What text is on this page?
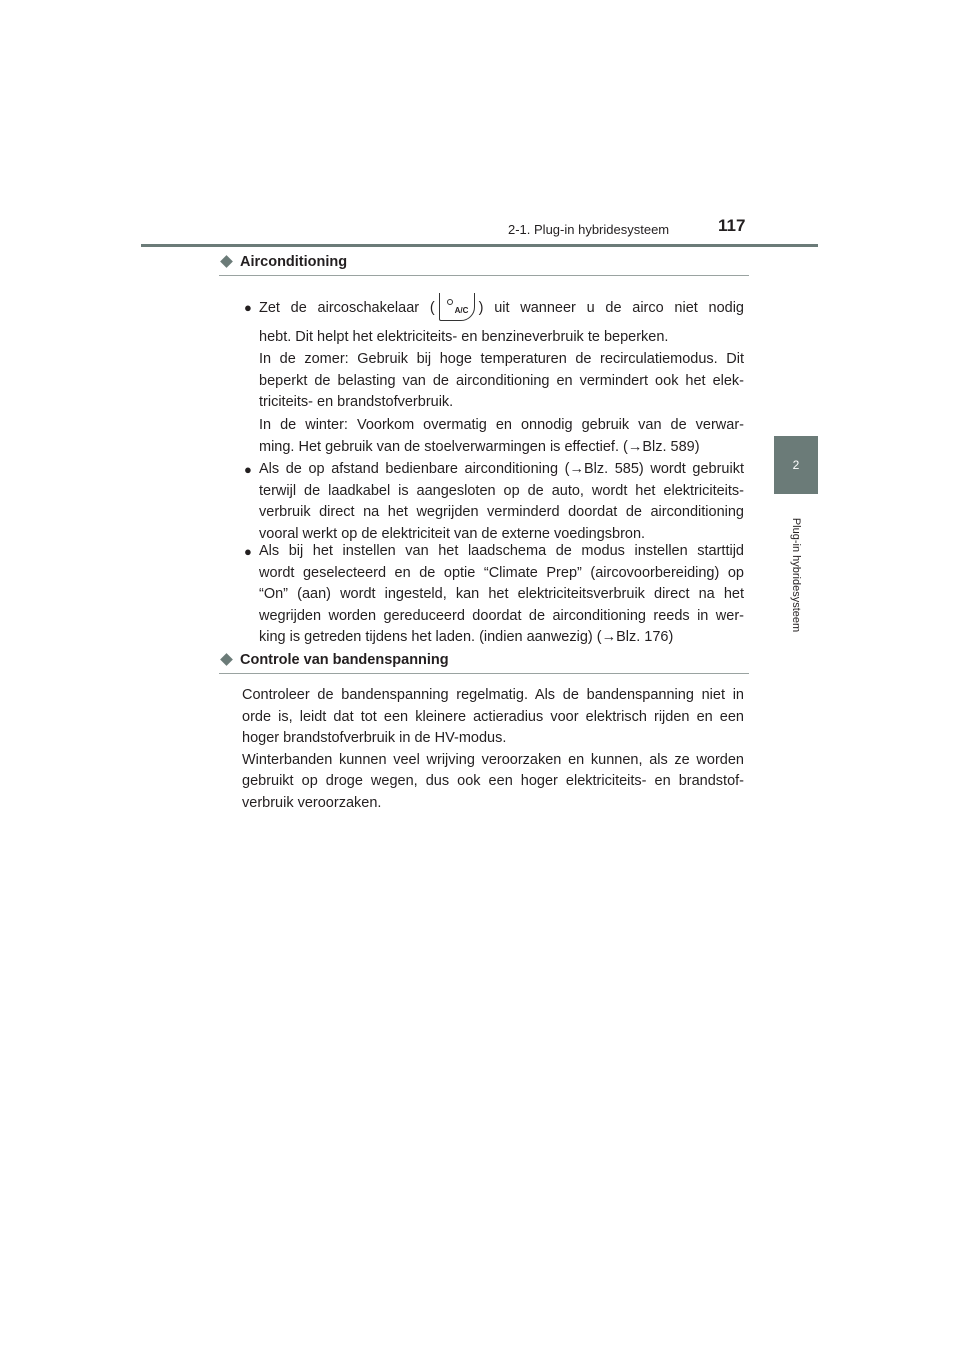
2-1. Plug-in hybridesysteem	117
2
Plug-in hybridesysteem
Airconditioning
● Zet de aircoschakelaar (	A/C ) uit wanneer u de airco niet nodig
hebt. Dit helpt het elektriciteits- en benzineverbruik te beperken.
In de zomer: Gebruik bij hoge temperaturen de recirculatiemodus. Dit
beperkt de belasting van de airconditioning en vermindert ook het elek-
triciteits- en brandstofverbruik.
In de winter: Voorkom overmatig en onnodig gebruik van de verwar-
ming. Het gebruik van de stoelverwarmingen is effectief. (→Blz. 589)
● Als de op afstand bedienbare airconditioning (→Blz. 585) wordt gebruikt
terwijl de laadkabel is aangesloten op de auto, wordt het elektriciteits-
verbruik direct na het wegrijden verminderd doordat de airconditioning
vooral werkt op de elektriciteit van de externe voedingsbron.
● Als bij het instellen van het laadschema de modus instellen starttijd
wordt geselecteerd en de optie “Climate Prep” (aircovoorbereiding) op
“On” (aan) wordt ingesteld, kan het elektriciteitsverbruik direct na het
wegrijden worden gereduceerd doordat de airconditioning reeds in wer-
king is getreden tijdens het laden. (indien aanwezig) (→Blz. 176)
Controle van bandenspanning
Controleer de bandenspanning regelmatig. Als de bandenspanning niet in
orde is, leidt dat tot een kleinere actieradius voor elektrisch rijden en een
hoger brandstofverbruik in de HV-modus.
Winterbanden kunnen veel wrijving veroorzaken en kunnen, als ze worden
gebruikt op droge wegen, dus ook een hoger elektriciteits- en brandstof-
verbruik veroorzaken.
